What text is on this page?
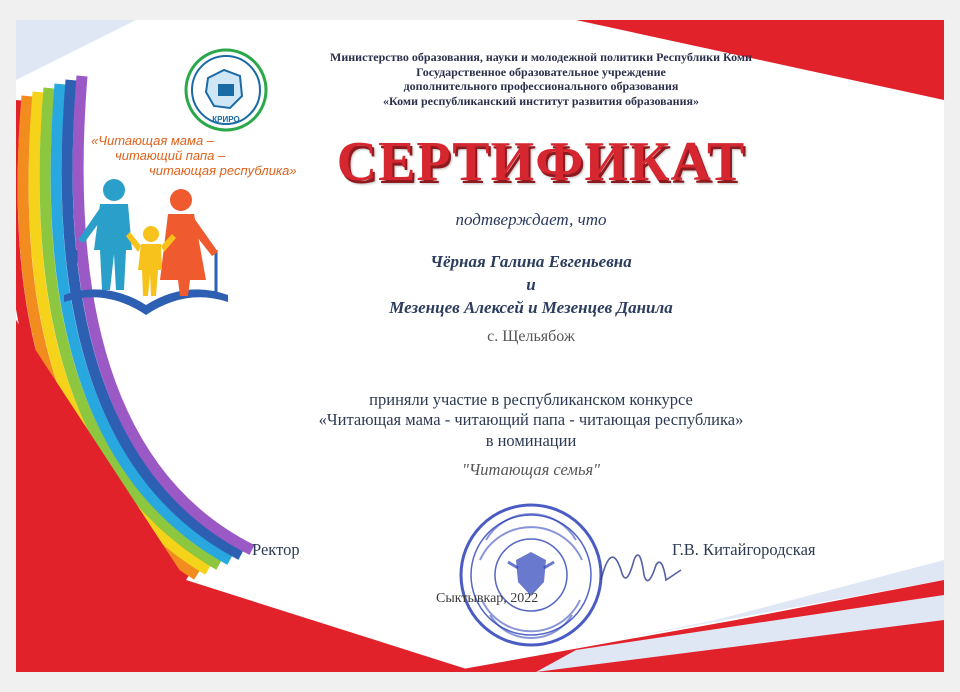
КРИРО
Министерство образования, науки и молодежной политики Республики Коми
Государственное образовательное учреждение
дополнительного профессионального образования
«Коми республиканский институт развития образования»
«Читающая мама –
читающий папа –
читающая республика» СЕРТИФИКАТ
подтверждает, что
Чёрная Галина Евгеньевна
и
Мезенцев Алексей и Мезенцев Данила
с. Щельябож
приняли участие в республиканском конкурсе
«Читающая мама - читающий папа - читающая республика»
в номинации
"Читающая семья"
Ректор	Г.В. Китайгородская
Сыктывкар, 2022
